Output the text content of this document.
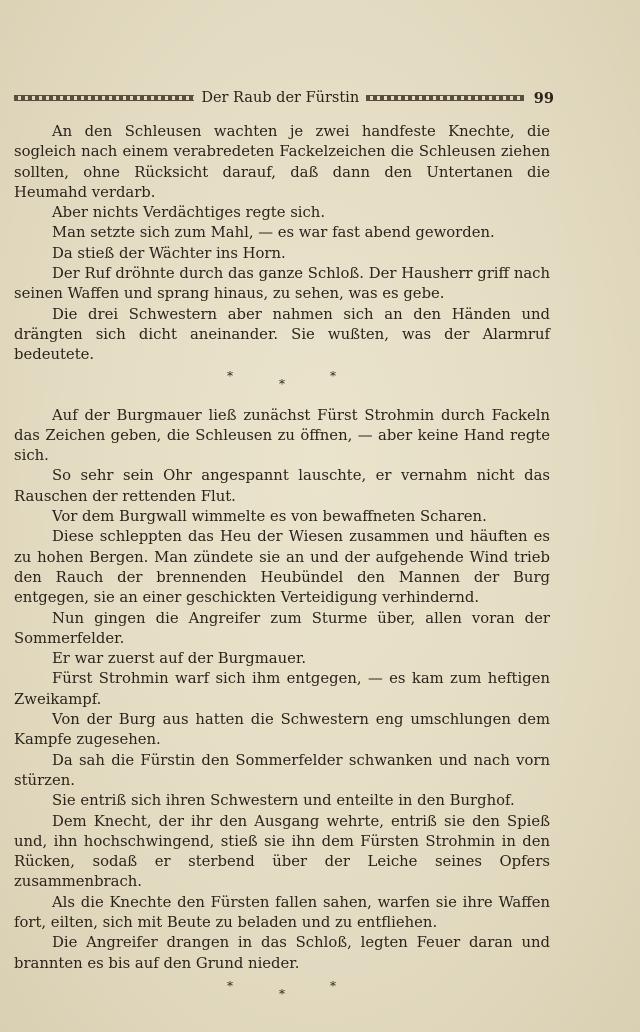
Der Raub der Fürstin	99

An den Schleusen wachten je zwei handfeste Knechte, die sogleich nach einem verabredeten Fackelzeichen die Schleusen ziehen sollten, ohne Rücksicht darauf, daß dann den Untertanen die Heumahd verdarb.

Aber nichts Verdächtiges regte sich.

Man setzte sich zum Mahl, — es war fast abend geworden.

Da stieß der Wächter ins Horn.

Der Ruf dröhnte durch das ganze Schloß. Der Hausherr griff nach seinen Waffen und sprang hinaus, zu sehen, was es gebe.

Die drei Schwestern aber nahmen sich an den Händen und drängten sich dicht aneinander. Sie wußten, was der Alarmruf bedeutete.

*
*
*

Auf der Burgmauer ließ zunächst Fürst Strohmin durch Fackeln das Zeichen geben, die Schleusen zu öffnen, — aber keine Hand regte sich.

So sehr sein Ohr angespannt lauschte, er vernahm nicht das Rauschen der rettenden Flut.

Vor dem Burgwall wimmelte es von bewaffneten Scharen.

Diese schleppten das Heu der Wiesen zusammen und häuften es zu hohen Bergen. Man zündete sie an und der aufgehende Wind trieb den Rauch der brennenden Heubündel den Mannen der Burg entgegen, sie an einer geschickten Verteidigung verhindernd.

Nun gingen die Angreifer zum Sturme über, allen voran der Sommerfelder.

Er war zuerst auf der Burgmauer.

Fürst Strohmin warf sich ihm entgegen, — es kam zum heftigen Zweikampf.

Von der Burg aus hatten die Schwestern eng umschlungen dem Kampfe zugesehen.

Da sah die Fürstin den Sommerfelder schwanken und nach vorn stürzen.

Sie entriß sich ihren Schwestern und enteilte in den Burghof.

Dem Knecht, der ihr den Ausgang wehrte, entriß sie den Spieß und, ihn hochschwingend, stieß sie ihn dem Fürsten Strohmin in den Rücken, sodaß er sterbend über der Leiche seines Opfers zusammenbrach.

Als die Knechte den Fürsten fallen sahen, warfen sie ihre Waffen fort, eilten, sich mit Beute zu beladen und zu entfliehen.

Die Angreifer drangen in das Schloß, legten Feuer daran und brannten es bis auf den Grund nieder.

*
*
*
